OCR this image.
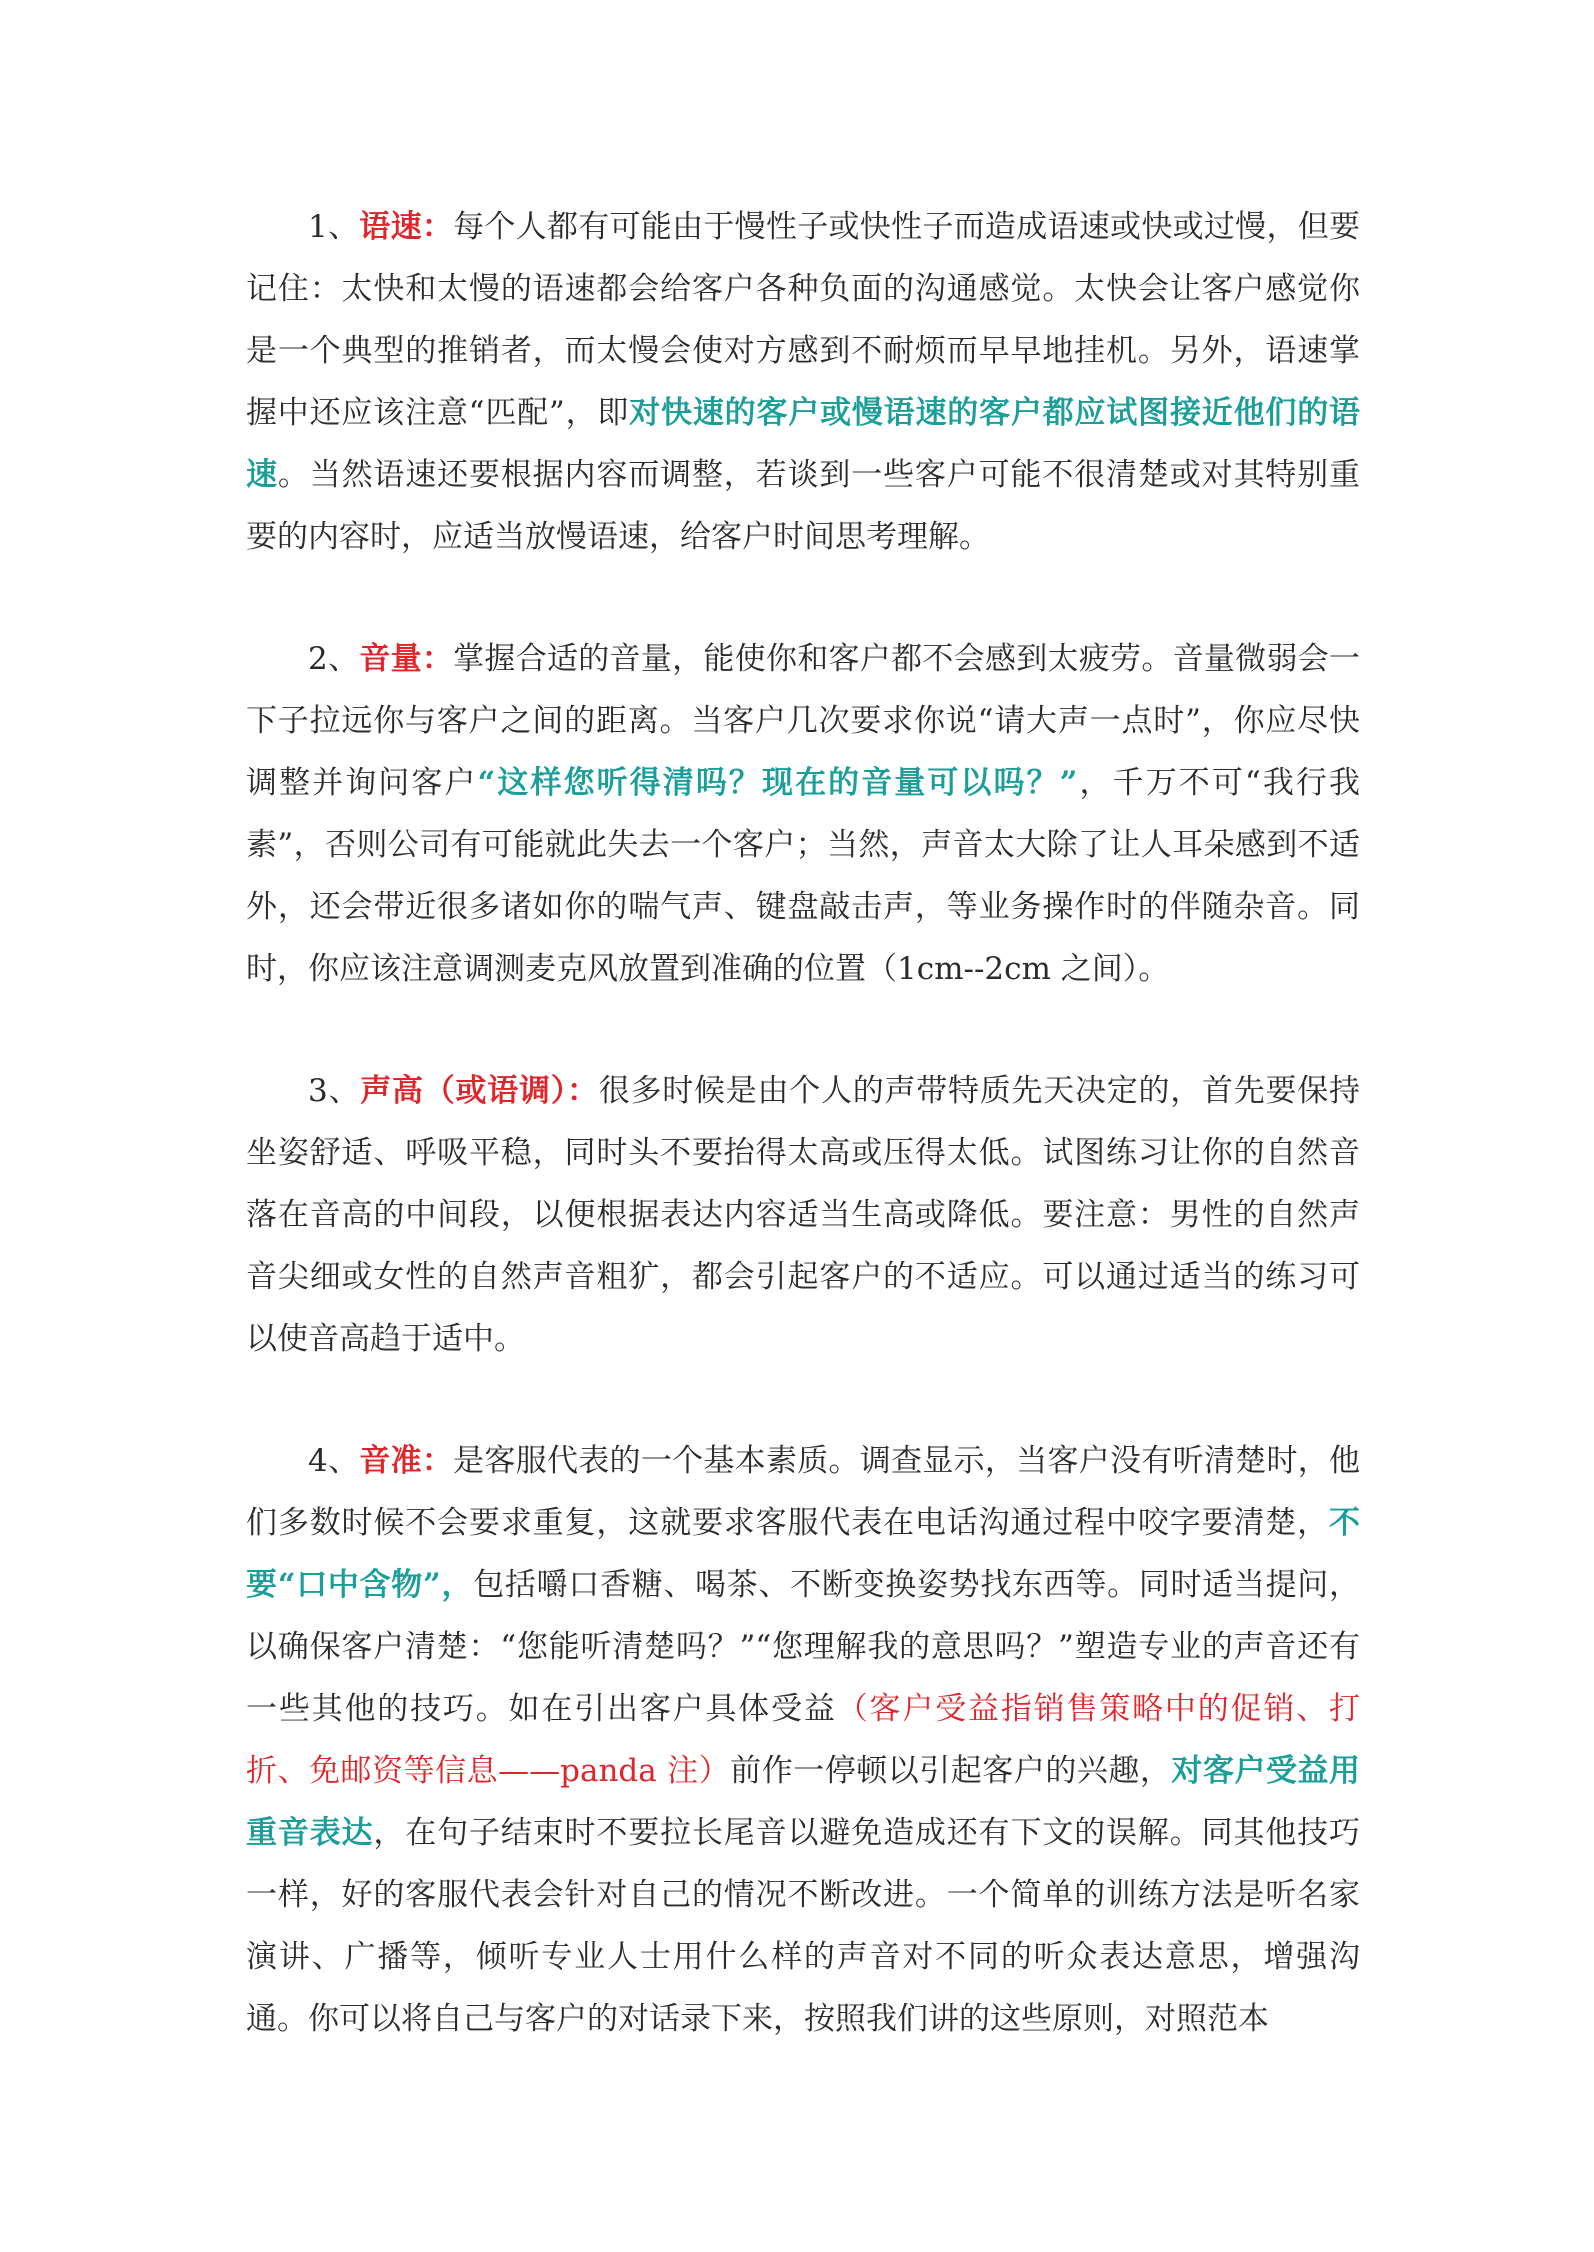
1、语速：每个人都有可能由于慢性子或快性子而造成语速或快或过慢，但要记住：太快和太慢的语速都会给客户各种负面的沟通感觉。太快会让客户感觉你是一个典型的推销者，而太慢会使对方感到不耐烦而早早地挂机。另外，语速掌握中还应该注意“匹配”，即对快速的客户或慢语速的客户都应试图接近他们的语速。当然语速还要根据内容而调整，若谈到一些客户可能不很清楚或对其特别重要的内容时，应适当放慢语速，给客户时间思考理解。

2、音量：掌握合适的音量，能使你和客户都不会感到太疲劳。音量微弱会一下子拉远你与客户之间的距离。当客户几次要求你说“请大声一点时”，你应尽快调整并询问客户“这样您听得清吗？现在的音量可以吗？”，千万不可“我行我素”，否则公司有可能就此失去一个客户；当然，声音太大除了让人耳朵感到不适外，还会带近很多诸如你的喘气声、键盘敲击声，等业务操作时的伴随杂音。同时，你应该注意调测麦克风放置到准确的位置（1cm--2cm 之间）。

3、声高（或语调）：很多时候是由个人的声带特质先天决定的，首先要保持坐姿舒适、呼吸平稳，同时头不要抬得太高或压得太低。试图练习让你的自然音落在音高的中间段，以便根据表达内容适当生高或降低。要注意：男性的自然声音尖细或女性的自然声音粗犷，都会引起客户的不适应。可以通过适当的练习可以使音高趋于适中。

4、音准：是客服代表的一个基本素质。调查显示，当客户没有听清楚时，他们多数时候不会要求重复，这就要求客服代表在电话沟通过程中咬字要清楚，不要“口中含物”，包括嚼口香糖、喝茶、不断变换姿势找东西等。同时适当提问，以确保客户清楚：“您能听清楚吗？”“您理解我的意思吗？”塑造专业的声音还有一些其他的技巧。如在引出客户具体受益（客户受益指销售策略中的促销、打折、免邮资等信息——panda 注）前作一停顿以引起客户的兴趣，对客户受益用重音表达，在句子结束时不要拉长尾音以避免造成还有下文的误解。同其他技巧一样，好的客服代表会针对自己的情况不断改进。一个简单的训练方法是听名家演讲、广播等，倾听专业人士用什么样的声音对不同的听众表达意思，增强沟通。你可以将自己与客户的对话录下来，按照我们讲的这些原则，对照范本
